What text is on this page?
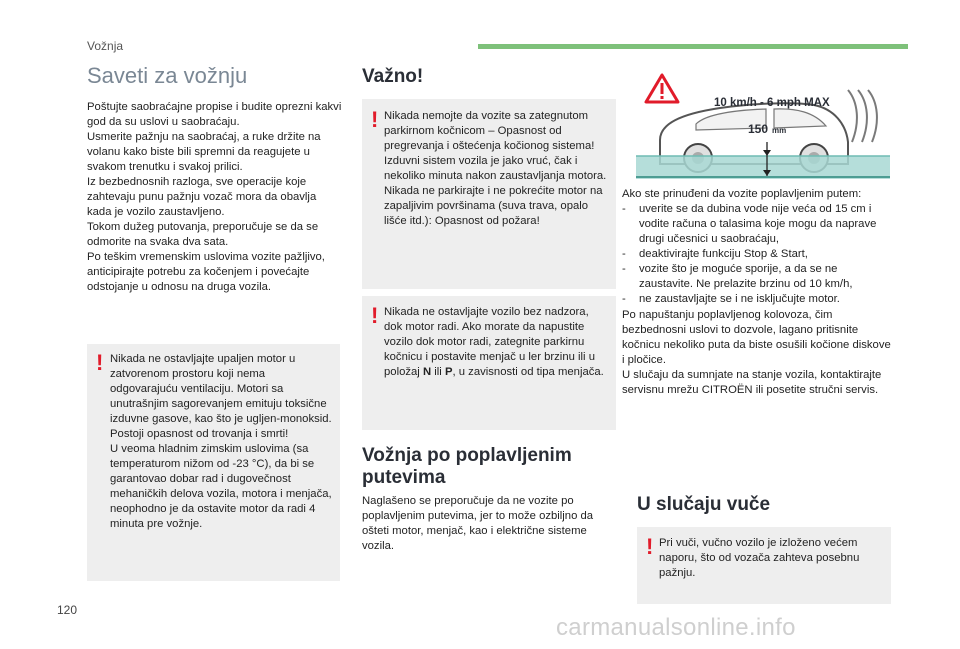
Vožnja
Saveti za vožnju
Poštujte saobraćajne propise i budite oprezni kakvi god da su uslovi u saobraćaju.
Usmerite pažnju na saobraćaj, a ruke držite na volanu kako biste bili spremni da reagujete u svakom trenutku i svakoj prilici.
Iz bezbednosnih razloga, sve operacije koje zahtevaju punu pažnju vozač mora da obavlja kada je vozilo zaustavljeno.
Tokom dužeg putovanja, preporučuje se da se odmorite na svaka dva sata.
Po teškim vremenskim uslovima vozite pažljivo, anticipirajte potrebu za kočenjem i povećajte odstojanje u odnosu na druga vozila.
! Nikada ne ostavljajte upaljen motor u zatvorenom prostoru koji nema odgovarajuću ventilaciju. Motori sa unutrašnjim sagorevanjem emituju toksične izduvne gasove, kao što je ugljen-monoksid. Postoji opasnost od trovanja i smrti!
U veoma hladnim zimskim uslovima (sa temperaturom nižom od -23 °C), da bi se garantovao dobar rad i dugovečnost mehaničkih delova vozila, motora i menjača, neophodno je da ostavite motor da radi 4 minuta pre vožnje.
Važno!
! Nikada nemojte da vozite sa zategnutom parkirnom kočnicom – Opasnost od pregrevanja i oštećenja kočionog sistema!
Izduvni sistem vozila je jako vruć, čak i nekoliko minuta nakon zaustavljanja motora. Nikada ne parkirajte i ne pokrećite motor na zapaljivim površinama (suva trava, opalo lišće itd.): Opasnost od požara!
! Nikada ne ostavljajte vozilo bez nadzora, dok motor radi. Ako morate da napustite vozilo dok motor radi, zategnite parkirnu kočnicu i postavite menjač u ler brzinu ili u položaj N ili P, u zavisnosti od tipa menjača.
Vožnja po poplavljenim putevima
Naglašeno se preporučuje da ne vozite po poplavljenim putevima, jer to može ozbiljno da ošteti motor, menjač, kao i električne sisteme vozila.
10 km/h - 6 mph MAX
150 mm
Ako ste prinuđeni da vozite poplavljenim putem:
- uverite se da dubina vode nije veća od 15 cm i vodite računa o talasima koje mogu da naprave drugi učesnici u saobraćaju,
- deaktivirajte funkciju Stop & Start,
- vozite što je moguće sporije, a da se ne zaustavite. Ne prelazite brzinu od 10 km/h,
- ne zaustavljajte se i ne isključujte motor.
Po napuštanju poplavljenog kolovoza, čim bezbednosni uslovi to dozvole, lagano pritisnite kočnicu nekoliko puta da biste osušili kočione diskove i pločice.
U slučaju da sumnjate na stanje vozila, kontaktirajte servisnu mrežu CITROËN ili posetite stručni servis.
U slučaju vuče
! Pri vuči, vučno vozilo je izloženo većem naporu, što od vozača zahteva posebnu pažnju.
120
carmanualsonline.info
